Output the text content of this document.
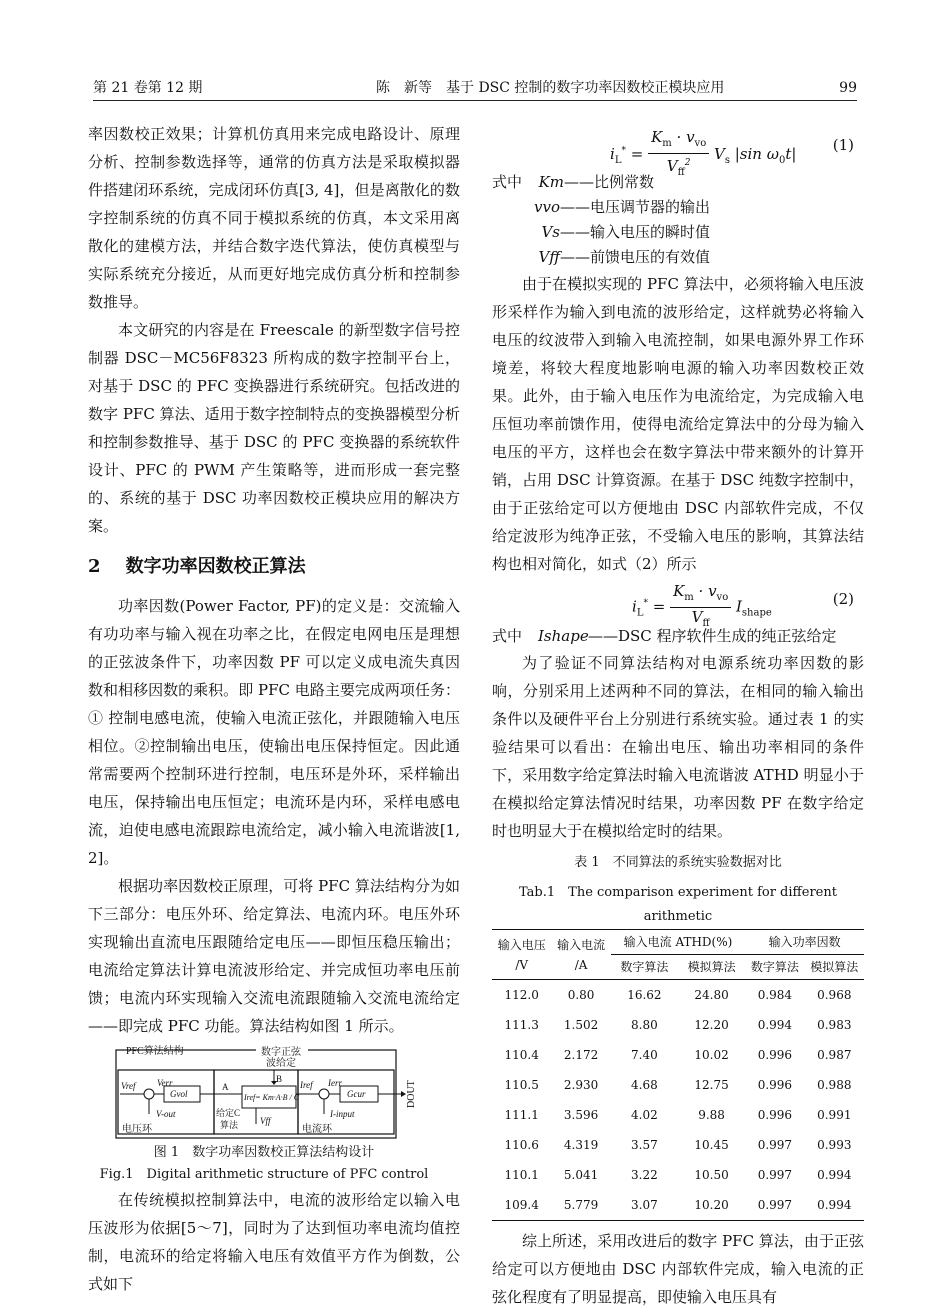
第 21 卷第 12 期	陈　新等　基于 DSC 控制的数字功率因数校正模块应用	99

率因数校正效果；计算机仿真用来完成电路设计、原理分析、控制参数选择等，通常的仿真方法是采取模拟器件搭建闭环系统，完成闭环仿真[3, 4]，但是离散化的数字控制系统的仿真不同于模拟系统的仿真，本文采用离散化的建模方法，并结合数字迭代算法，使仿真模型与实际系统充分接近，从而更好地完成仿真分析和控制参数推导。

本文研究的内容是在 Freescale 的新型数字信号控制器 DSC－MC56F8323 所构成的数字控制平台上，对基于 DSC 的 PFC 变换器进行系统研究。包括改进的数字 PFC 算法、适用于数字控制特点的变换器模型分析和控制参数推导、基于 DSC 的 PFC 变换器的系统软件设计、PFC 的 PWM 产生策略等，进而形成一套完整的、系统的基于 DSC 功率因数校正模块应用的解决方案。

2 数字功率因数校正算法

功率因数(Power Factor, PF)的定义是：交流输入有功功率与输入视在功率之比，在假定电网电压是理想的正弦波条件下，功率因数 PF 可以定义成电流失真因数和相移因数的乘积。即 PFC 电路主要完成两项任务：① 控制电感电流，使输入电流正弦化，并跟随输入电压相位。②控制输出电压，使输出电压保持恒定。因此通常需要两个控制环进行控制，电压环是外环，采样输出电压，保持输出电压恒定；电流环是内环，采样电感电流，迫使电感电流跟踪电流给定，减小输入电流谐波[1, 2]。

根据功率因数校正原理，可将 PFC 算法结构分为如下三部分：电压外环、给定算法、电流内环。电压外环实现输出直流电压跟随给定电压——即恒压稳压输出；电流给定算法计算电流波形给定、并完成恒功率电压前馈；电流内环实现输入交流电流跟随输入交流电流给定——即完成 PFC 功能。算法结构如图 1 所示。

PFC算法结构	数字正弦
波给定
B
Vref Verr
Gvol
V-out
电压环
A
Iref= Km·A·B / C
Vff
给定
算法
C
Iref Ierr
Gcur
I-input
电流环
DOUT
图 1　数字功率因数校正算法结构设计
Fig.1　Digital arithmetic structure of PFC control

在传统模拟控制算法中，电流的波形给定以输入电压波形为依据[5～7]，同时为了达到恒功率电流均值控制，电流环的给定将输入电压有效值平方作为倒数，公式如下

$i_L^* = \frac{K_m \cdot v_{vo}}{V_{ff}^2} V_s$ |sin $\omega_0t|$ (1)
式中	Km —— 比例常数
vvo —— 电压调节器的输出
Vs —— 输入电压的瞬时值
Vff —— 前馈电压的有效值

由于在模拟实现的 PFC 算法中，必须将输入电压波形采样作为输入到电流的波形给定，这样就势必将输入电压的纹波带入到输入电流控制，如果电源外界工作环境差，将较大程度地影响电源的输入功率因数校正效果。此外，由于输入电压作为电流给定，为完成输入电压恒功率前馈作用，使得电流给定算法中的分母为输入电压的平方，这样也会在数字算法中带来额外的计算开销，占用 DSC 计算资源。在基于 DSC 纯数字控制中，由于正弦给定可以方便地由 DSC 内部软件完成，不仅给定波形为纯净正弦，不受输入电压的影响，其算法结构也相对简化，如式（2）所示

$i_L^* = \frac{K_m \cdot v_{vo}}{V_{ff}} I_{shape}$
(2)
式中	Ishape —— DSC 程序软件生成的纯正弦给定

为了验证不同算法结构对电源系统功率因数的影响，分别采用上述两种不同的算法，在相同的输入输出条件以及硬件平台上分别进行系统实验。通过表 1 的实验结果可以看出：在输出电压、输出功率相同的条件下，采用数字给定算法时输入电流谐波 ATHD 明显小于在模拟给定算法情况时结果，功率因数 PF 在数字给定时也明显大于在模拟给定时的结果。

表 1　不同算法的系统实验数据对比
Tab.1　The comparison experiment for different arithmetic
输入电压
/V	输入电流
/A	输入电流 ATHD(%)		输入功率因数	
		数字算法	模拟算法	数字算法	模拟算法
112.0	0.80	16.62	24.80	0.984	0.968
111.3	1.502	8.80	12.20	0.994	0.983
110.4	2.172	7.40	10.02	0.996	0.987
110.5	2.930	4.68	12.75	0.996	0.988
111.1	3.596	4.02	9.88	0.996	0.991
110.6	4.319	3.57	10.45	0.997	0.993
110.1	5.041	3.22	10.50	0.997	0.994
109.4	5.779	3.07	10.20	0.997	0.994

综上所述，采用改进后的数字 PFC 算法，由于正弦给定可以方便地由 DSC 内部软件完成，输入电流的正弦化程度有了明显提高，即使输入电压具有
